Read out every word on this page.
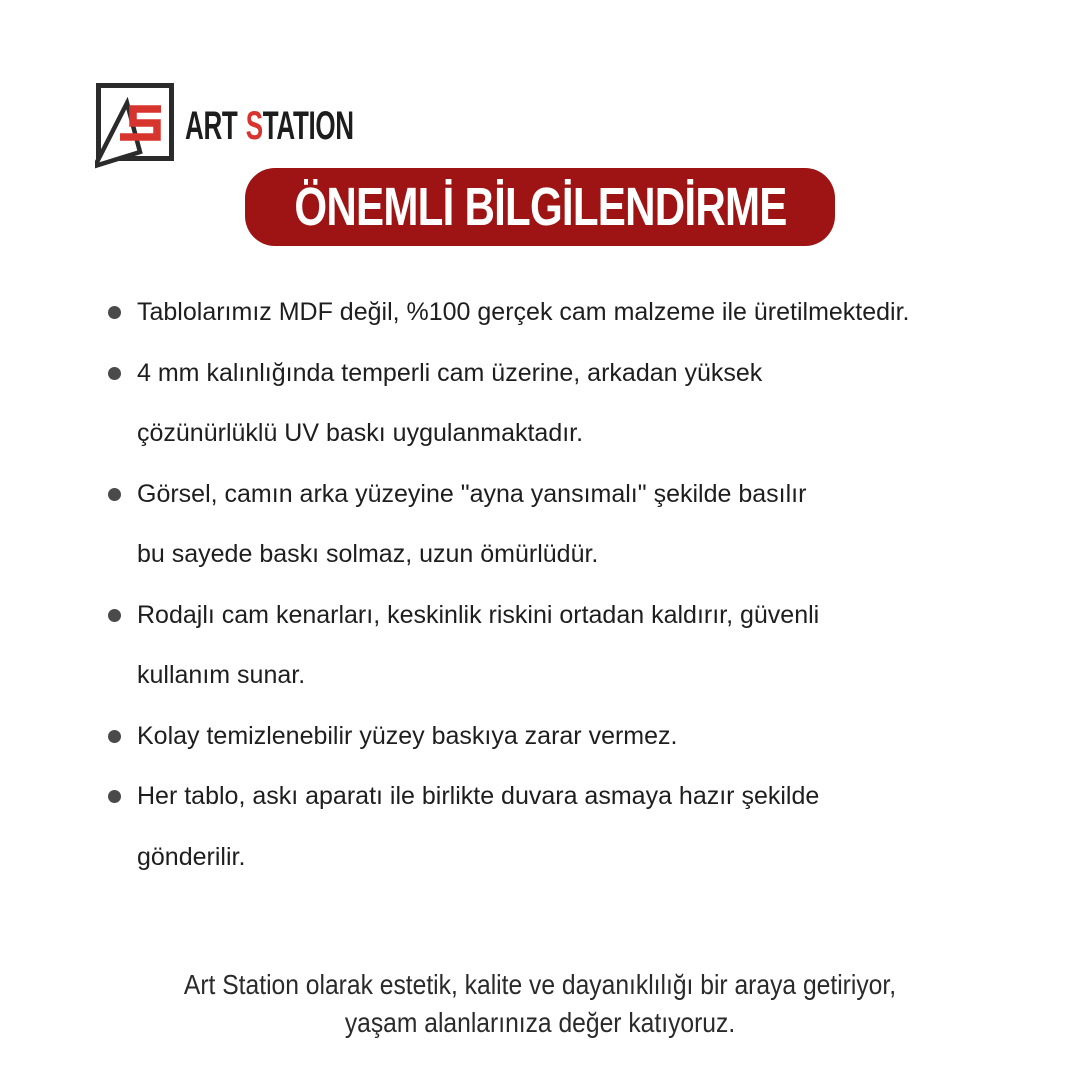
ART S TATION
ÖNEMLİ BİLGİLENDİRME
Tablolarımız MDF değil, %100 gerçek cam malzeme ile üretilmektedir.
4 mm kalınlığında temperli cam üzerine, arkadan yüksek
çözünürlüklü UV baskı uygulanmaktadır.
Görsel, camın arka yüzeyine "ayna yansımalı" şekilde basılır
bu sayede baskı solmaz, uzun ömürlüdür.
Rodajlı cam kenarları, keskinlik riskini ortadan kaldırır, güvenli
kullanım sunar.
Kolay temizlenebilir yüzey baskıya zarar vermez.
Her tablo, askı aparatı ile birlikte duvara asmaya hazır şekilde
gönderilir.
Art Station olarak estetik, kalite ve dayanıklılığı bir araya getiriyor,
yaşam alanlarınıza değer katıyoruz.
